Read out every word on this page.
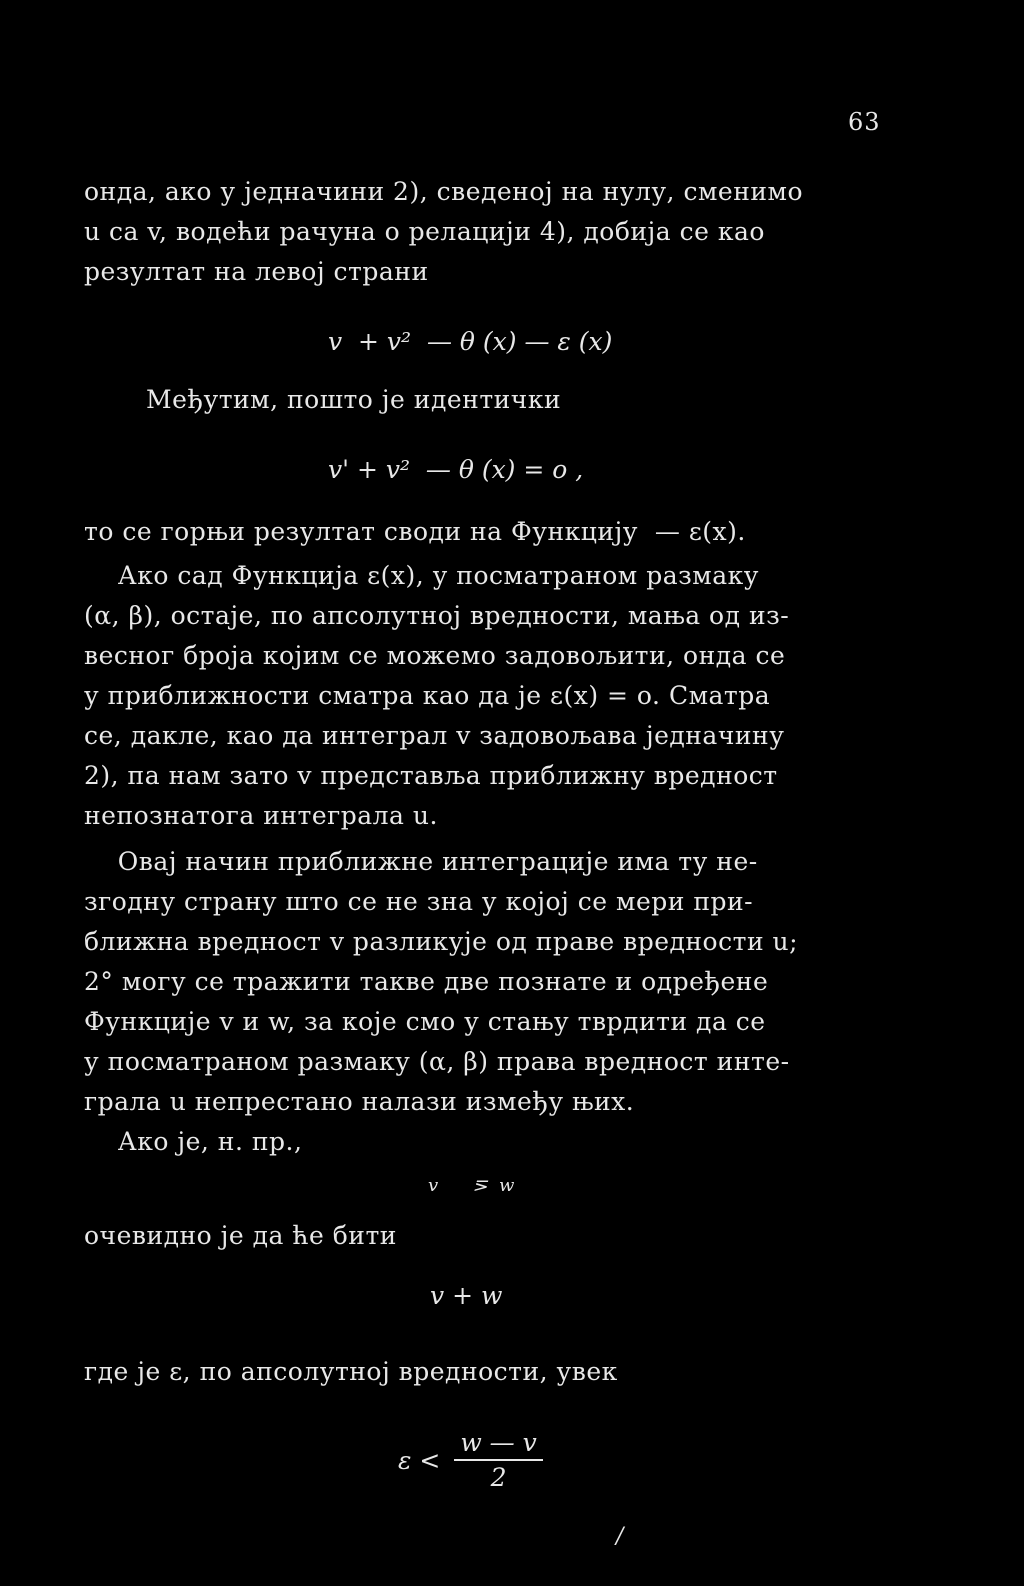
63
онда, ако у једначини 2), сведеној на нулу, сменимо
u са v, водећи рачуна о релацији 4), добија се као
резултат на левој страни
v  + v²  — θ (x) — ε (x)
Међутим, пошто је идентички
v' + v²  — θ (x) = o ,
то се горњи резултат своди на Функцију  — ε(x).
Ако сад Функција ε(x), у посматраном размаку
(α, β), остаје, по апсолутној вредности, мања од из-
весног броја којим се можемо задовољити, онда се
у приближности сматра као да је ε(x) = o. Сматра
се, дакле, као да интеграл v задовољава једначину
2), па нам зато v представља приближну вредност
непознатога интеграла u.
Овај начин приближне интеграције има ту не-
згодну страну што се не зна у којој се мери при-
ближна вредност v разликује од праве вредности u;
2° могу се тражити такве две познате и одређене
Функције v и w, за које смо у стању тврдити да се
у посматраном размаку (α, β) права вредност инте-
грала u непрестано налази између њих.
Ако је, н. пр.,
v      ⋝  w
очевидно је да ће бити
v + w
где је ε, по апсолутној вредности, увек
$\varepsilon < \frac{w — v}{2}$
/
